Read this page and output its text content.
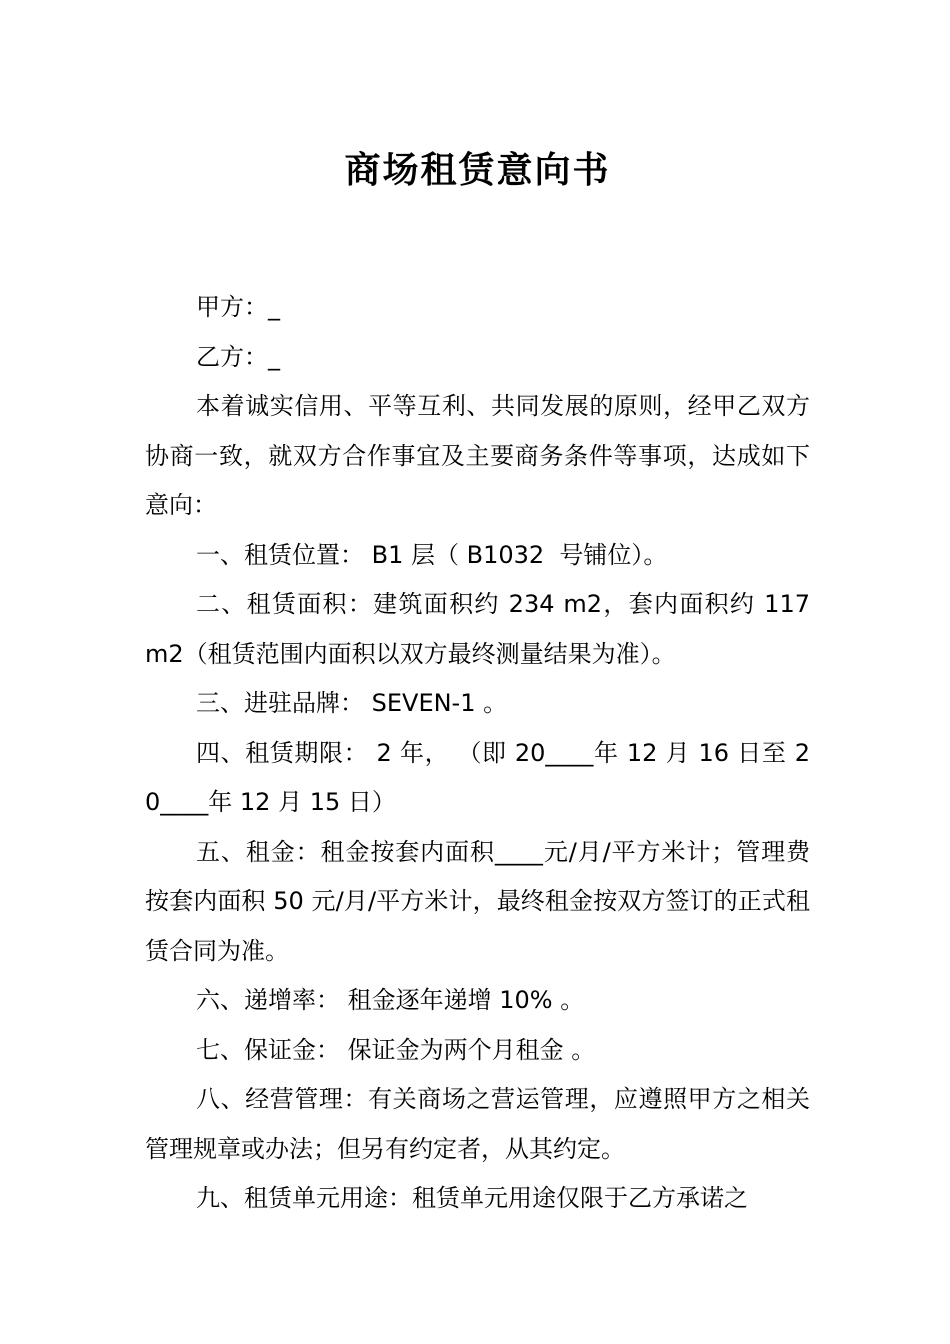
商场租赁意向书

甲方：_

乙方：_

本着诚实信用、平等互利、共同发展的原则，经甲乙双方协商一致，就双方合作事宜及主要商务条件等事项，达成如下意向：

一、租赁位置： B1 层（ B1032  号铺位）。

二、租赁面积：建筑面积约 234 m2，套内面积约 117 m2（租赁范围内面积以双方最终测量结果为准）。

三、进驻品牌： SEVEN-1 。

四、租赁期限： 2 年， （即 20____年 12 月 16 日至 20____年 12 月 15 日）

五、租金：租金按套内面积____元/月/平方米计；管理费按套内面积 50 元/月/平方米计，最终租金按双方签订的正式租赁合同为准。

六、递增率： 租金逐年递增 10% 。

七、保证金： 保证金为两个月租金 。

八、经营管理：有关商场之营运管理，应遵照甲方之相关管理规章或办法；但另有约定者，从其约定。

九、租赁单元用途：租赁单元用途仅限于乙方承诺之
